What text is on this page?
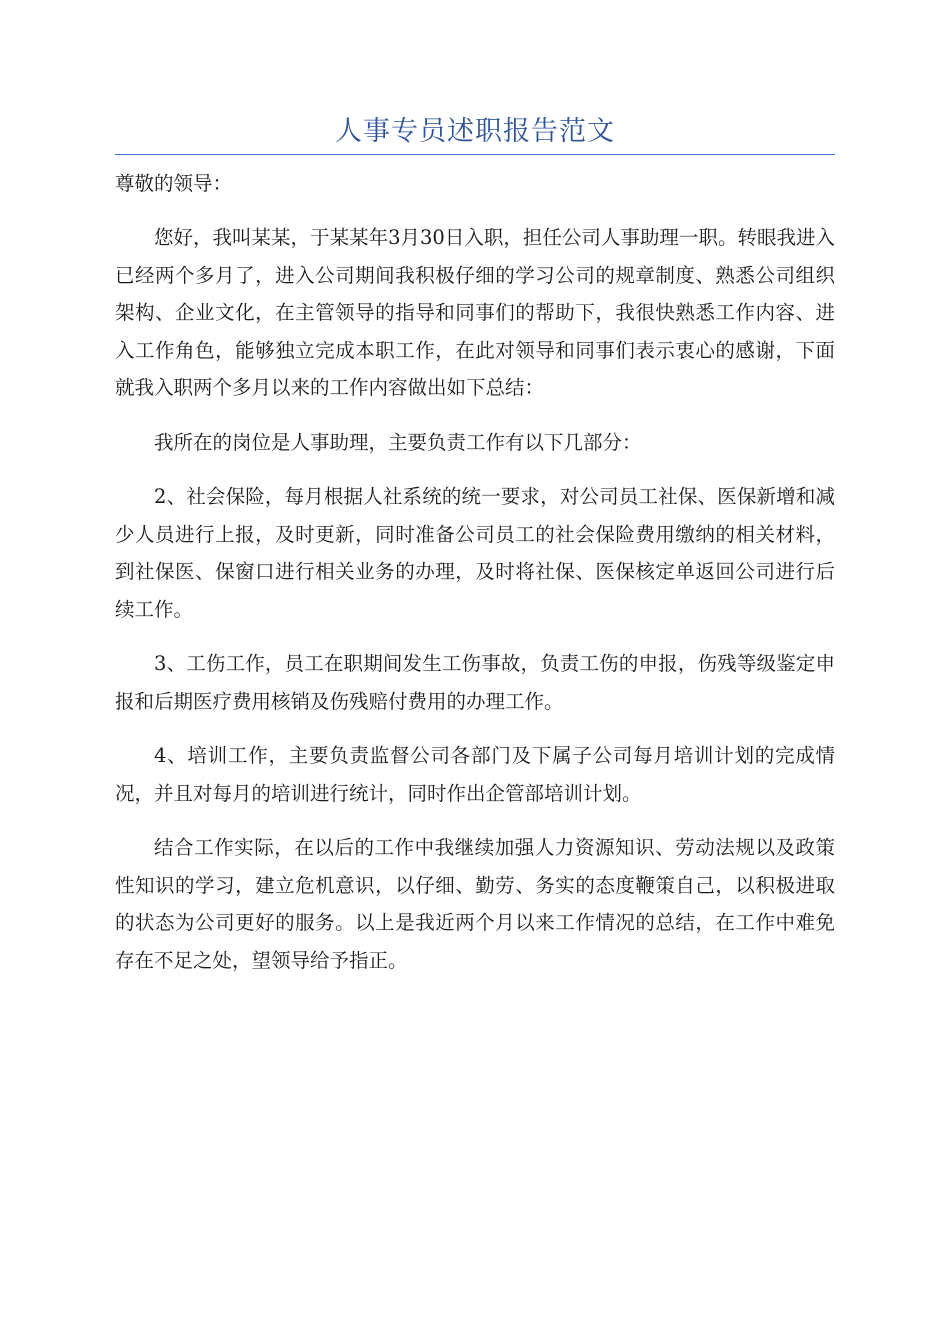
人事专员述职报告范文

尊敬的领导：

您好，我叫某某，于某某年3月30日入职，担任公司人事助理一职。转眼我进入已经两个多月了，进入公司期间我积极仔细的学习公司的规章制度、熟悉公司组织架构、企业文化，在主管领导的指导和同事们的帮助下，我很快熟悉工作内容、进入工作角色，能够独立完成本职工作，在此对领导和同事们表示衷心的感谢，下面就我入职两个多月以来的工作内容做出如下总结：

我所在的岗位是人事助理，主要负责工作有以下几部分：

2、社会保险，每月根据人社系统的统一要求，对公司员工社保、医保新增和减少人员进行上报，及时更新，同时准备公司员工的社会保险费用缴纳的相关材料，到社保医、保窗口进行相关业务的办理，及时将社保、医保核定单返回公司进行后续工作。

3、工伤工作，员工在职期间发生工伤事故，负责工伤的申报，伤残等级鉴定申报和后期医疗费用核销及伤残赔付费用的办理工作。

4、培训工作，主要负责监督公司各部门及下属子公司每月培训计划的完成情况，并且对每月的培训进行统计，同时作出企管部培训计划。

结合工作实际，在以后的工作中我继续加强人力资源知识、劳动法规以及政策性知识的学习，建立危机意识，以仔细、勤劳、务实的态度鞭策自己，以积极进取的状态为公司更好的服务。以上是我近两个月以来工作情况的总结，在工作中难免存在不足之处，望领导给予指正。
